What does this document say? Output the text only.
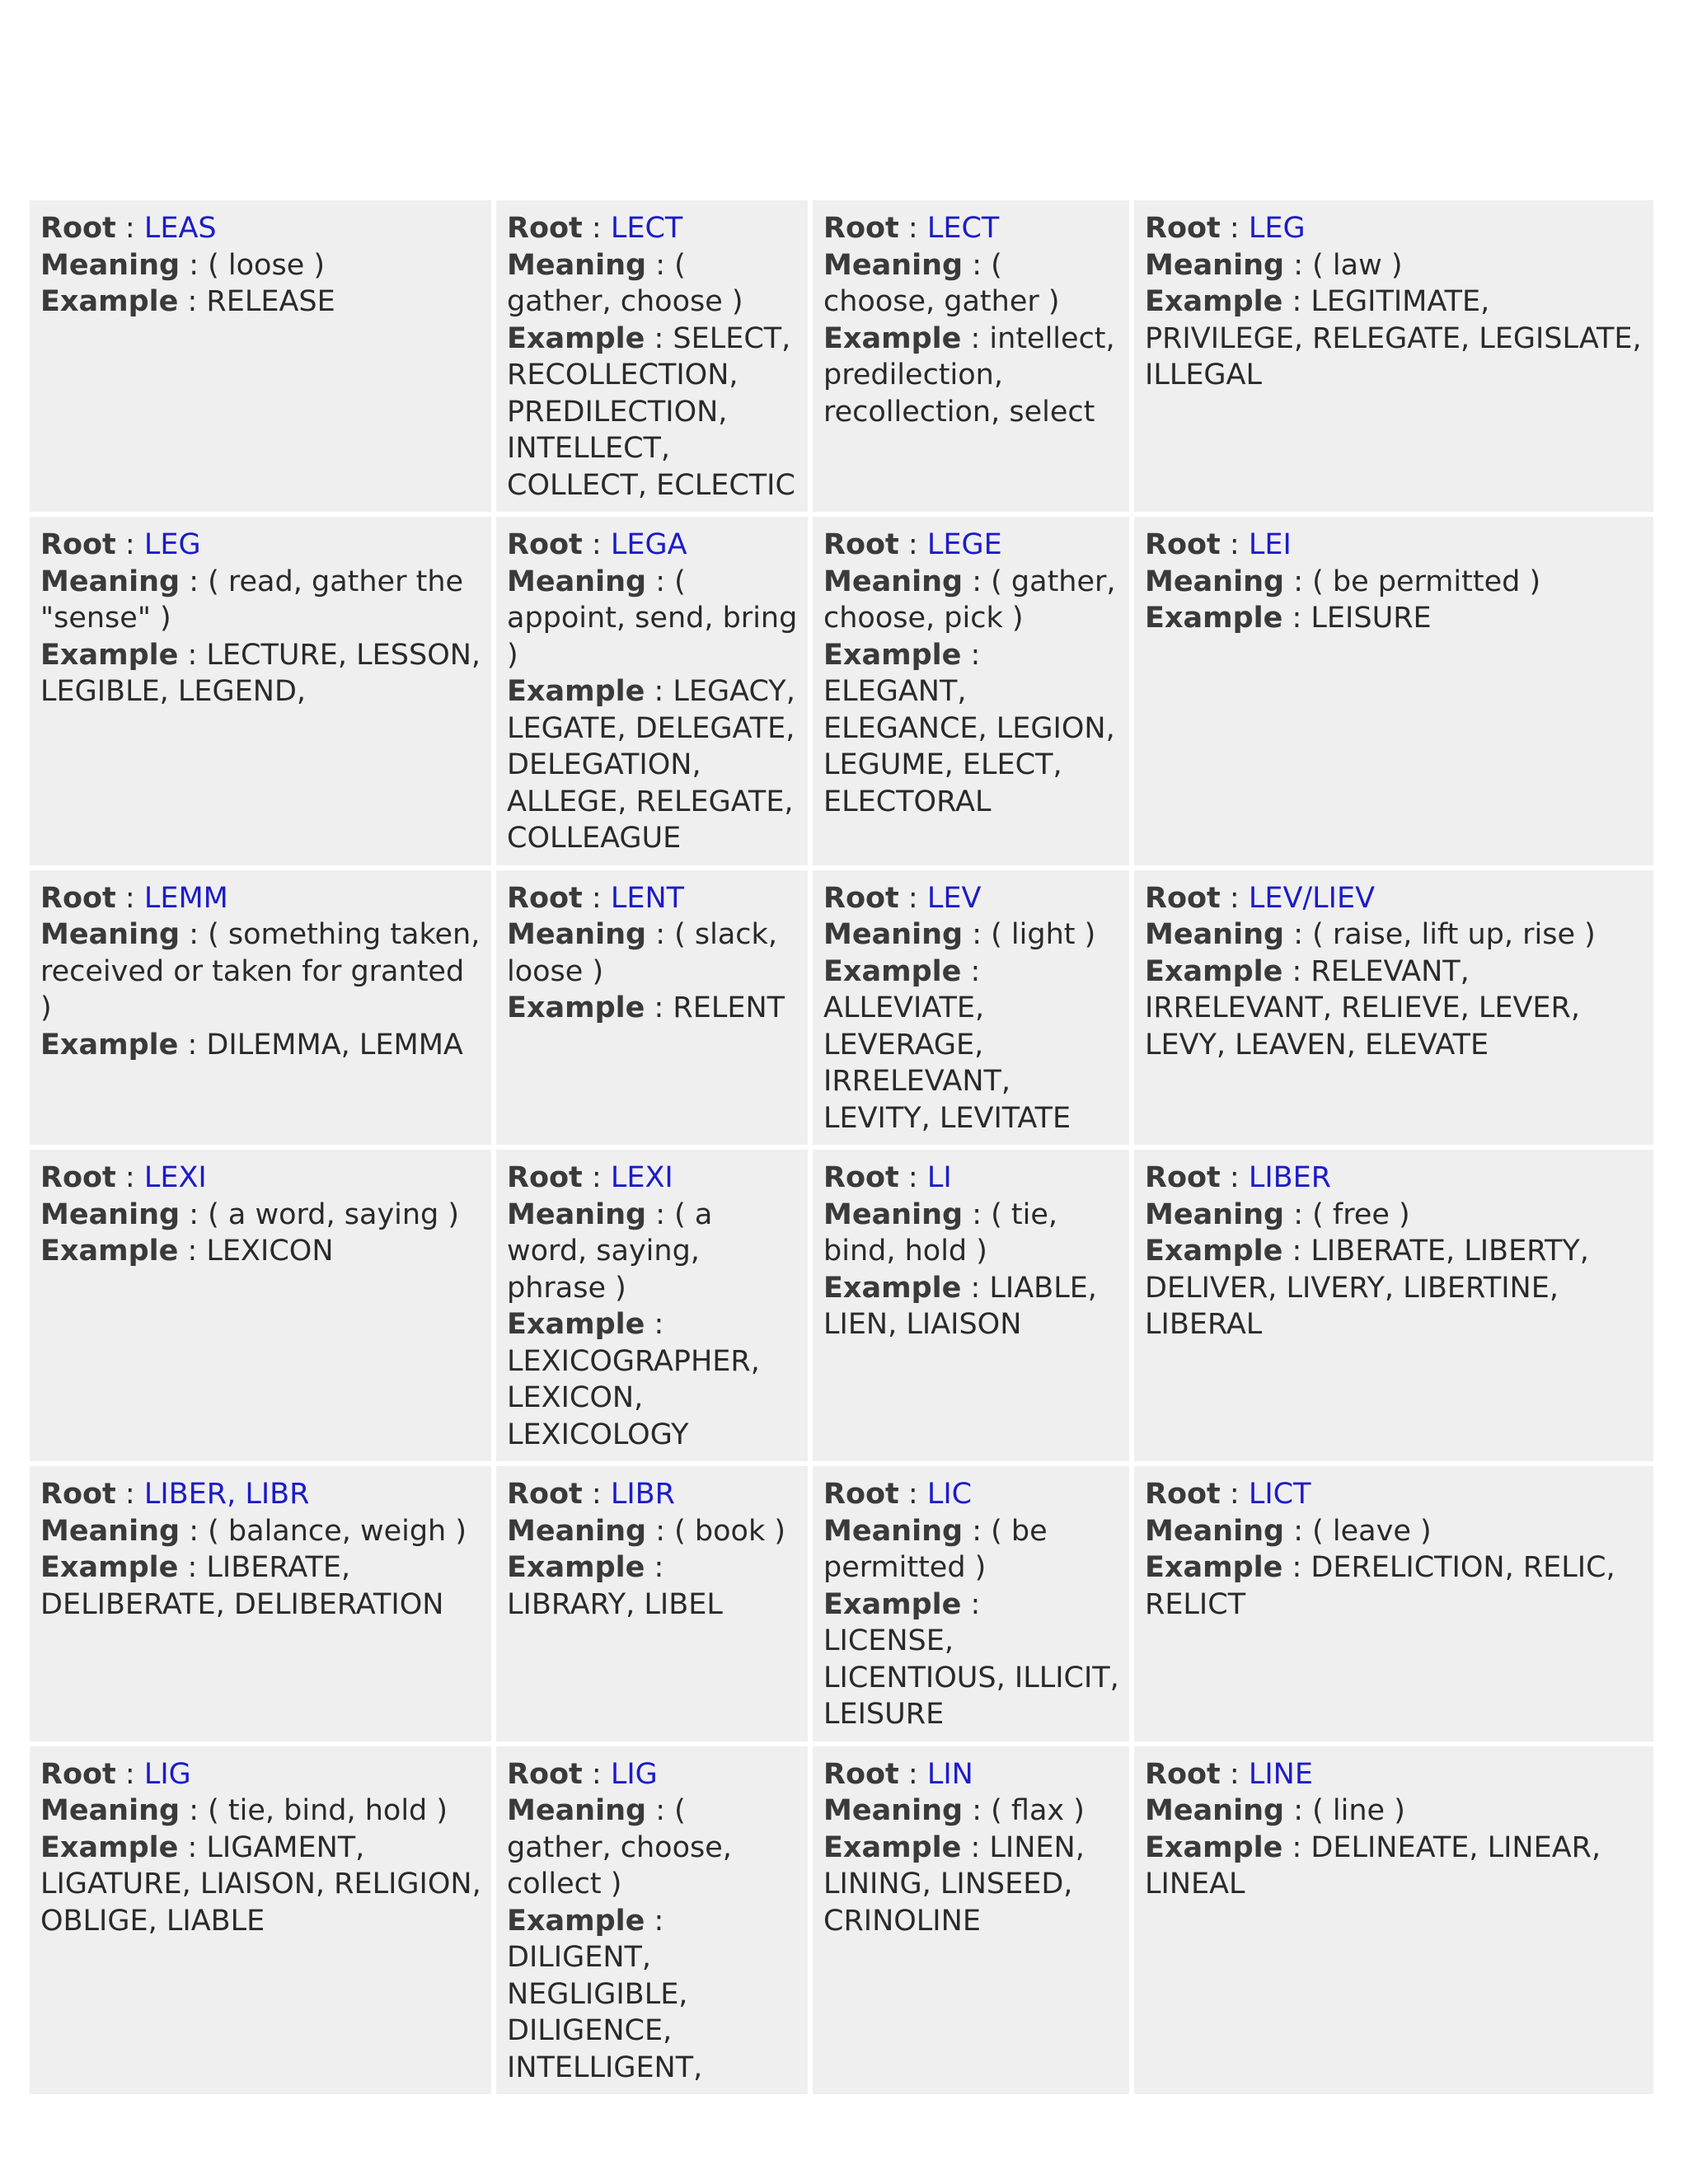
Root : LEAS
Meaning : ( loose )
Example : RELEASE	Root : LECT
Meaning : ( gather, choose )
Example : SELECT, RECOLLECTION, PREDILECTION, INTELLECT, COLLECT, ECLECTIC	Root : LECT
Meaning : ( choose, gather )
Example : intellect, predilection, recollection, select	Root : LEG
Meaning : ( law )
Example : LEGITIMATE, PRIVILEGE, RELEGATE, LEGISLATE, ILLEGAL

Root : LEG
Meaning : ( read, gather the "sense" )
Example : LECTURE, LESSON, LEGIBLE, LEGEND,	Root : LEGA
Meaning : ( appoint, send, bring )
Example : LEGACY, LEGATE, DELEGATE, DELEGATION, ALLEGE, RELEGATE, COLLEAGUE	Root : LEGE
Meaning : ( gather, choose, pick )
Example : ELEGANT, ELEGANCE, LEGION, LEGUME, ELECT, ELECTORAL	Root : LEI
Meaning : ( be permitted )
Example : LEISURE

Root : LEMM
Meaning : ( something taken, received or taken for granted )
Example : DILEMMA, LEMMA	Root : LENT
Meaning : ( slack, loose )
Example : RELENT	Root : LEV
Meaning : ( light )
Example : ALLEVIATE, LEVERAGE, IRRELEVANT, LEVITY, LEVITATE	Root : LEV/LIEV
Meaning : ( raise, lift up, rise )
Example : RELEVANT, IRRELEVANT, RELIEVE, LEVER, LEVY, LEAVEN, ELEVATE

Root : LEXI
Meaning : ( a word, saying )
Example : LEXICON	Root : LEXI
Meaning : ( a word, saying, phrase )
Example : LEXICOGRAPHER, LEXICON, LEXICOLOGY	Root : LI
Meaning : ( tie, bind, hold )
Example : LIABLE, LIEN, LIAISON	Root : LIBER
Meaning : ( free )
Example : LIBERATE, LIBERTY, DELIVER, LIVERY, LIBERTINE, LIBERAL

Root : LIBER, LIBR
Meaning : ( balance, weigh )
Example : LIBERATE, DELIBERATE, DELIBERATION	Root : LIBR
Meaning : ( book )
Example : LIBRARY, LIBEL	Root : LIC
Meaning : ( be permitted )
Example : LICENSE, LICENTIOUS, ILLICIT, LEISURE	Root : LICT
Meaning : ( leave )
Example : DERELICTION, RELIC, RELICT

Root : LIG
Meaning : ( tie, bind, hold )
Example : LIGAMENT, LIGATURE, LIAISON, RELIGION, OBLIGE, LIABLE	Root : LIG
Meaning : ( gather, choose, collect )
Example : DILIGENT, NEGLIGIBLE, DILIGENCE, INTELLIGENT,	Root : LIN
Meaning : ( flax )
Example : LINEN, LINING, LINSEED, CRINOLINE	Root : LINE
Meaning : ( line )
Example : DELINEATE, LINEAR, LINEAL
